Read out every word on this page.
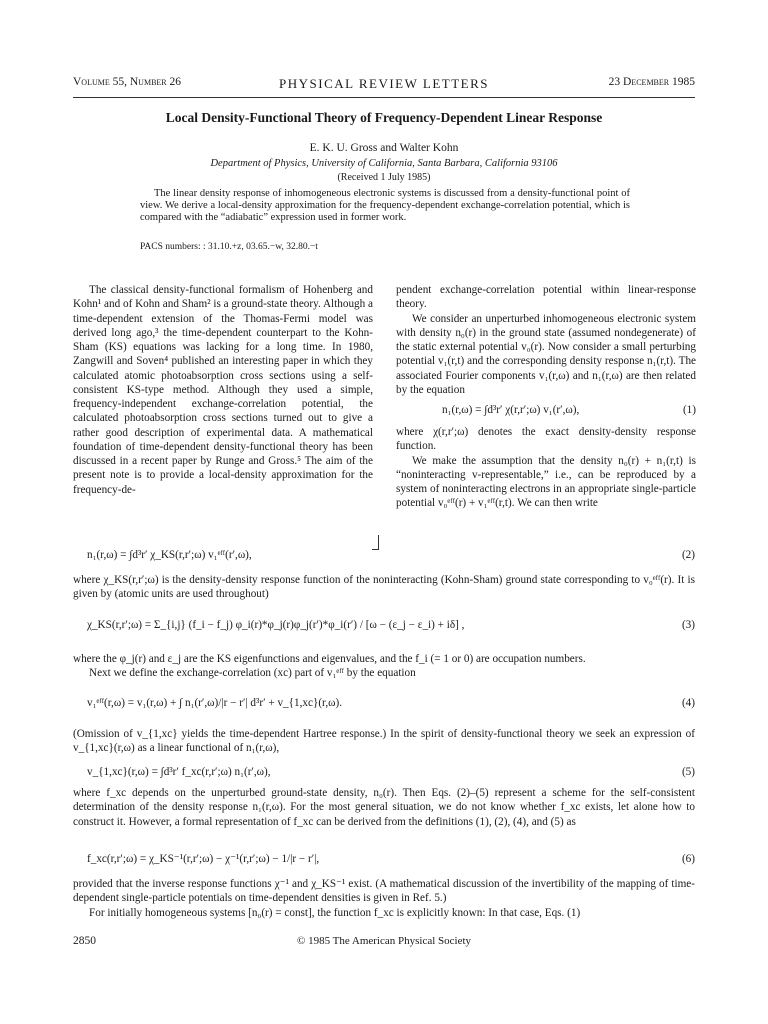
Volume 55, Number 26	PHYSICAL REVIEW LETTERS	23 December 1985
Local Density-Functional Theory of Frequency-Dependent Linear Response
E. K. U. Gross and Walter Kohn
Department of Physics, University of California, Santa Barbara, California 93106
(Received 1 July 1985)
The linear density response of inhomogeneous electronic systems is discussed from a density-functional point of view. We derive a local-density approximation for the frequency-dependent exchange-correlation potential, which is compared with the “adiabatic” expression used in former work.
PACS numbers: : 31.10.+z, 03.65.−w, 32.80.−t

The classical density-functional formalism of Hohenberg and Kohn¹ and of Kohn and Sham² is a ground-state theory. Although a time-dependent extension of the Thomas-Fermi model was derived long ago,³ the time-dependent counterpart to the Kohn-Sham (KS) equations was lacking for a long time. In 1980, Zangwill and Soven⁴ published an interesting paper in which they calculated atomic photoabsorption cross sections using a self-consistent KS-type method. Although they used a simple, frequency-independent exchange-correlation potential, the calculated photoabsorption cross sections turned out to give a rather good description of experimental data. A mathematical foundation of time-dependent density-functional theory has been discussed in a recent paper by Runge and Gross.⁵ The aim of the present note is to provide a local-density approximation for the frequency-de-

pendent exchange-correlation potential within linear-response theory.

We consider an unperturbed inhomogeneous electronic system with density n₀(r) in the ground state (assumed nondegenerate) of the static external potential v₀(r). Now consider a small perturbing potential v₁(r,t) and the corresponding density response n₁(r,t). The associated Fourier components v₁(r,ω) and n₁(r,ω) are then related by the equation

n₁(r,ω) = ∫d³r′ χ(r,r′;ω) v₁(r′,ω),	(1)

where χ(r,r′;ω) denotes the exact density-density response function.

We make the assumption that the density n₀(r) + n₁(r,t) is “noninteracting v-representable,” i.e., can be reproduced by a system of noninteracting electrons in an appropriate single-particle potential v₀ᵉᶠᶠ(r) + v₁ᵉᶠᶠ(r,t). We can then write

n₁(r,ω) = ∫d³r′ χ_KS(r,r′;ω) v₁ᵉᶠᶠ(r′,ω),	(2)

where χ_KS(r,r′;ω) is the density-density response function of the noninteracting (Kohn-Sham) ground state corresponding to v₀ᵉᶠᶠ(r). It is given by (atomic units are used throughout)

χ_KS(r,r′;ω) = Σ_{i,j} (f_i − f_j) φ_i(r)*φ_j(r)φ_j(r′)*φ_i(r′) / [ω − (ε_j − ε_i) + iδ] ,	(3)

where the φ_j(r) and ε_j are the KS eigenfunctions and eigenvalues, and the f_i (= 1 or 0) are occupation numbers.

Next we define the exchange-correlation (xc) part of v₁ᵉᶠᶠ by the equation

v₁ᵉᶠᶠ(r,ω) = v₁(r,ω) + ∫ n₁(r′,ω)/|r − r′| d³r′ + v_{1,xc}(r,ω).	(4)

(Omission of v_{1,xc} yields the time-dependent Hartree response.) In the spirit of density-functional theory we seek an expression of v_{1,xc}(r,ω) as a linear functional of n₁(r,ω),

v_{1,xc}(r,ω) = ∫d³r′ f_xc(r,r′;ω) n₁(r′,ω),	(5)

where f_xc depends on the unperturbed ground-state density, n₀(r). Then Eqs. (2)–(5) represent a scheme for the self-consistent determination of the density response n₁(r,ω). For the most general situation, we do not know whether f_xc exists, let alone how to construct it. However, a formal representation of f_xc can be derived from the definitions (1), (2), (4), and (5) as

f_xc(r,r′;ω) = χ_KS⁻¹(r,r′;ω) − χ⁻¹(r,r′;ω) − 1/|r − r′|,	(6)

provided that the inverse response functions χ⁻¹ and χ_KS⁻¹ exist. (A mathematical discussion of the invertibility of the mapping of time-dependent single-particle potentials on time-dependent densities is given in Ref. 5.)

For initially homogeneous systems [n₀(r) = const], the function f_xc is explicitly known: In that case, Eqs. (1)

2850	© 1985 The American Physical Society
